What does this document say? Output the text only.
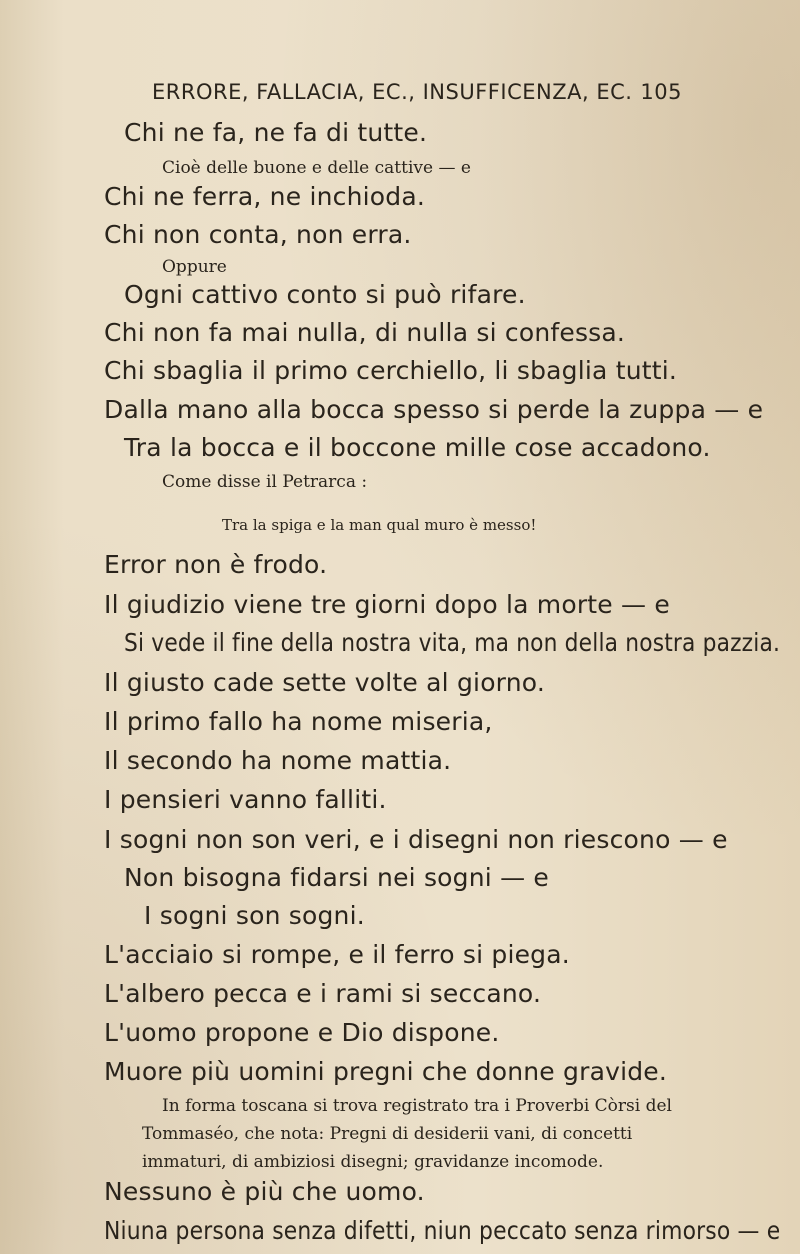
ERRORE, FALLACIA, EC., INSUFFICENZA, EC. 105
Chi ne fa, ne fa di tutte.
Cioè delle buone e delle cattive — e
Chi ne ferra, ne inchioda.
Chi non conta, non erra.
Oppure
Ogni cattivo conto si può rifare.
Chi non fa mai nulla, di nulla si confessa.
Chi sbaglia il primo cerchiello, li sbaglia tutti.
Dalla mano alla bocca spesso si perde la zuppa — e
Tra la bocca e il boccone mille cose accadono.
Come disse il Petrarca :
Tra la spiga e la man qual muro è messo!
Error non è frodo.
Il giudizio viene tre giorni dopo la morte — e
Si vede il fine della nostra vita, ma non della nostra pazzia.
Il giusto cade sette volte al giorno.
Il primo fallo ha nome miseria,
Il secondo ha nome mattia.
I pensieri vanno falliti.
I sogni non son veri, e i disegni non riescono — e
Non bisogna fidarsi nei sogni — e
I sogni son sogni.
L'acciaio si rompe, e il ferro si piega.
L'albero pecca e i rami si seccano.
L'uomo propone e Dio dispone.
Muore più uomini pregni che donne gravide.
In forma toscana si trova registrato tra i Proverbi Còrsi del Tommaséo, che nota: Pregni di desiderii vani, di concetti immaturi, di ambiziosi disegni; gravidanze incomode.
Nessuno è più che uomo.
Niuna persona senza difetti, niun peccato senza rimorso — e
